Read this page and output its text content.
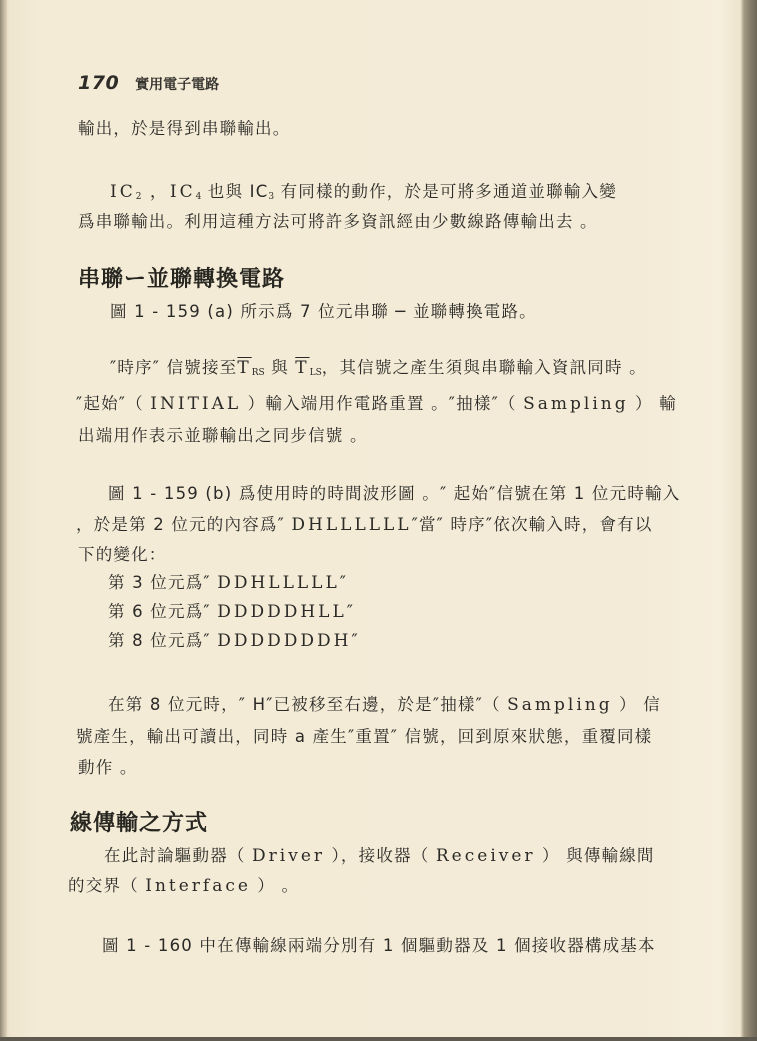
170 實用電子電路
輸出，於是得到串聯輸出。
$IC_2$ ，$IC_4$ 也與 $IC_3$ 有同樣的動作，於是可將多通道並聯輸入變
爲串聯輸出。利用這種方法可將許多資訊經由少數線路傳輸出去 。
串聯ー並聯轉換電路
圖 1 - 159 (a) 所示爲 7 位元串聯 ─ 並聯轉換電路。
″時序″ 信號接至$\overline{T}_{RS}$ 與 $\overline{T}_{LS}$，其信號之產生須與串聯輸入資訊同時 。
″起始″（ INITIAL ）輸入端用作電路重置 。″抽樣″（ Sampling ） 輸
出端用作表示並聯輸出之同步信號 。
圖 1 - 159 (b) 爲使用時的時間波形圖 。″ 起始″信號在第 1 位元時輸入
，於是第 2 位元的內容爲″ DHLLLLLL″當″ 時序″依次輸入時，會有以
下的變化：
第 3 位元爲″ DDHLLLLL″
第 6 位元爲″ DDDDDHLL″
第 8 位元爲″ DDDDDDDH″
在第 8 位元時，″ H″已被移至右邊，於是″抽樣″（ Sampling ） 信
號產生，輸出可讀出，同時 a 產生″重置″ 信號，回到原來狀態，重覆同樣
動作 。
線傳輸之方式
在此討論驅動器（ Driver ），接收器（ Receiver ） 與傳輸線間
的交界（ Interface ） 。
圖 1 - 160 中在傳輸線兩端分別有 1 個驅動器及 1 個接收器構成基本
